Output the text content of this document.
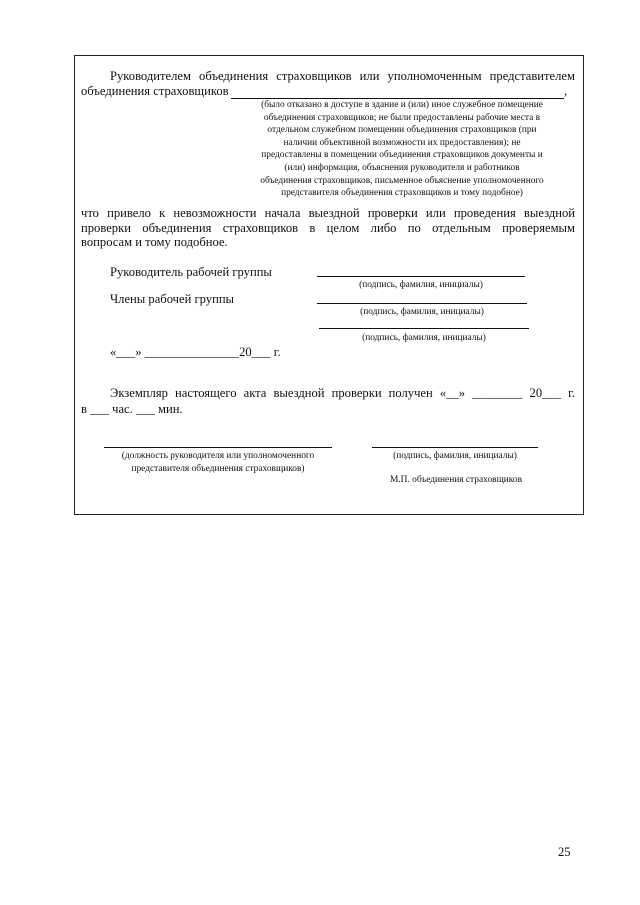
Руководителем объединения страховщиков или уполномоченным представителем
объединения страховщиков	,
(было отказано в доступе в здание и (или) иное служебное помещение
объединения страховщиков; не были предоставлены рабочие места в
отдельном служебном помещении объединения страховщиков (при
наличии объективной возможности их предоставления); не
предоставлены в помещении объединения страховщиков документы и
(или) информация, объяснения руководителя и работников
объединения страховщиков, письменное объяснение уполномоченного
представителя объединения страховщиков и тому подобное)
что привело к невозможности начала выездной проверки или проведения выездной
проверки объединения страховщиков в целом либо по отдельным проверяемым
вопросам и тому подобное.
Руководитель рабочей группы
(подпись, фамилия, инициалы)
Члены рабочей группы
(подпись, фамилия, инициалы)
(подпись, фамилия, инициалы)
«___» _______________20___ г.
Экземпляр настоящего акта выездной проверки получен «__» ________ 20___ г.
в ___ час. ___ мин.
(должность руководителя или уполномоченного
представителя объединения страховщиков)
(подпись, фамилия, инициалы)
М.П. объединения страховщиков
25
